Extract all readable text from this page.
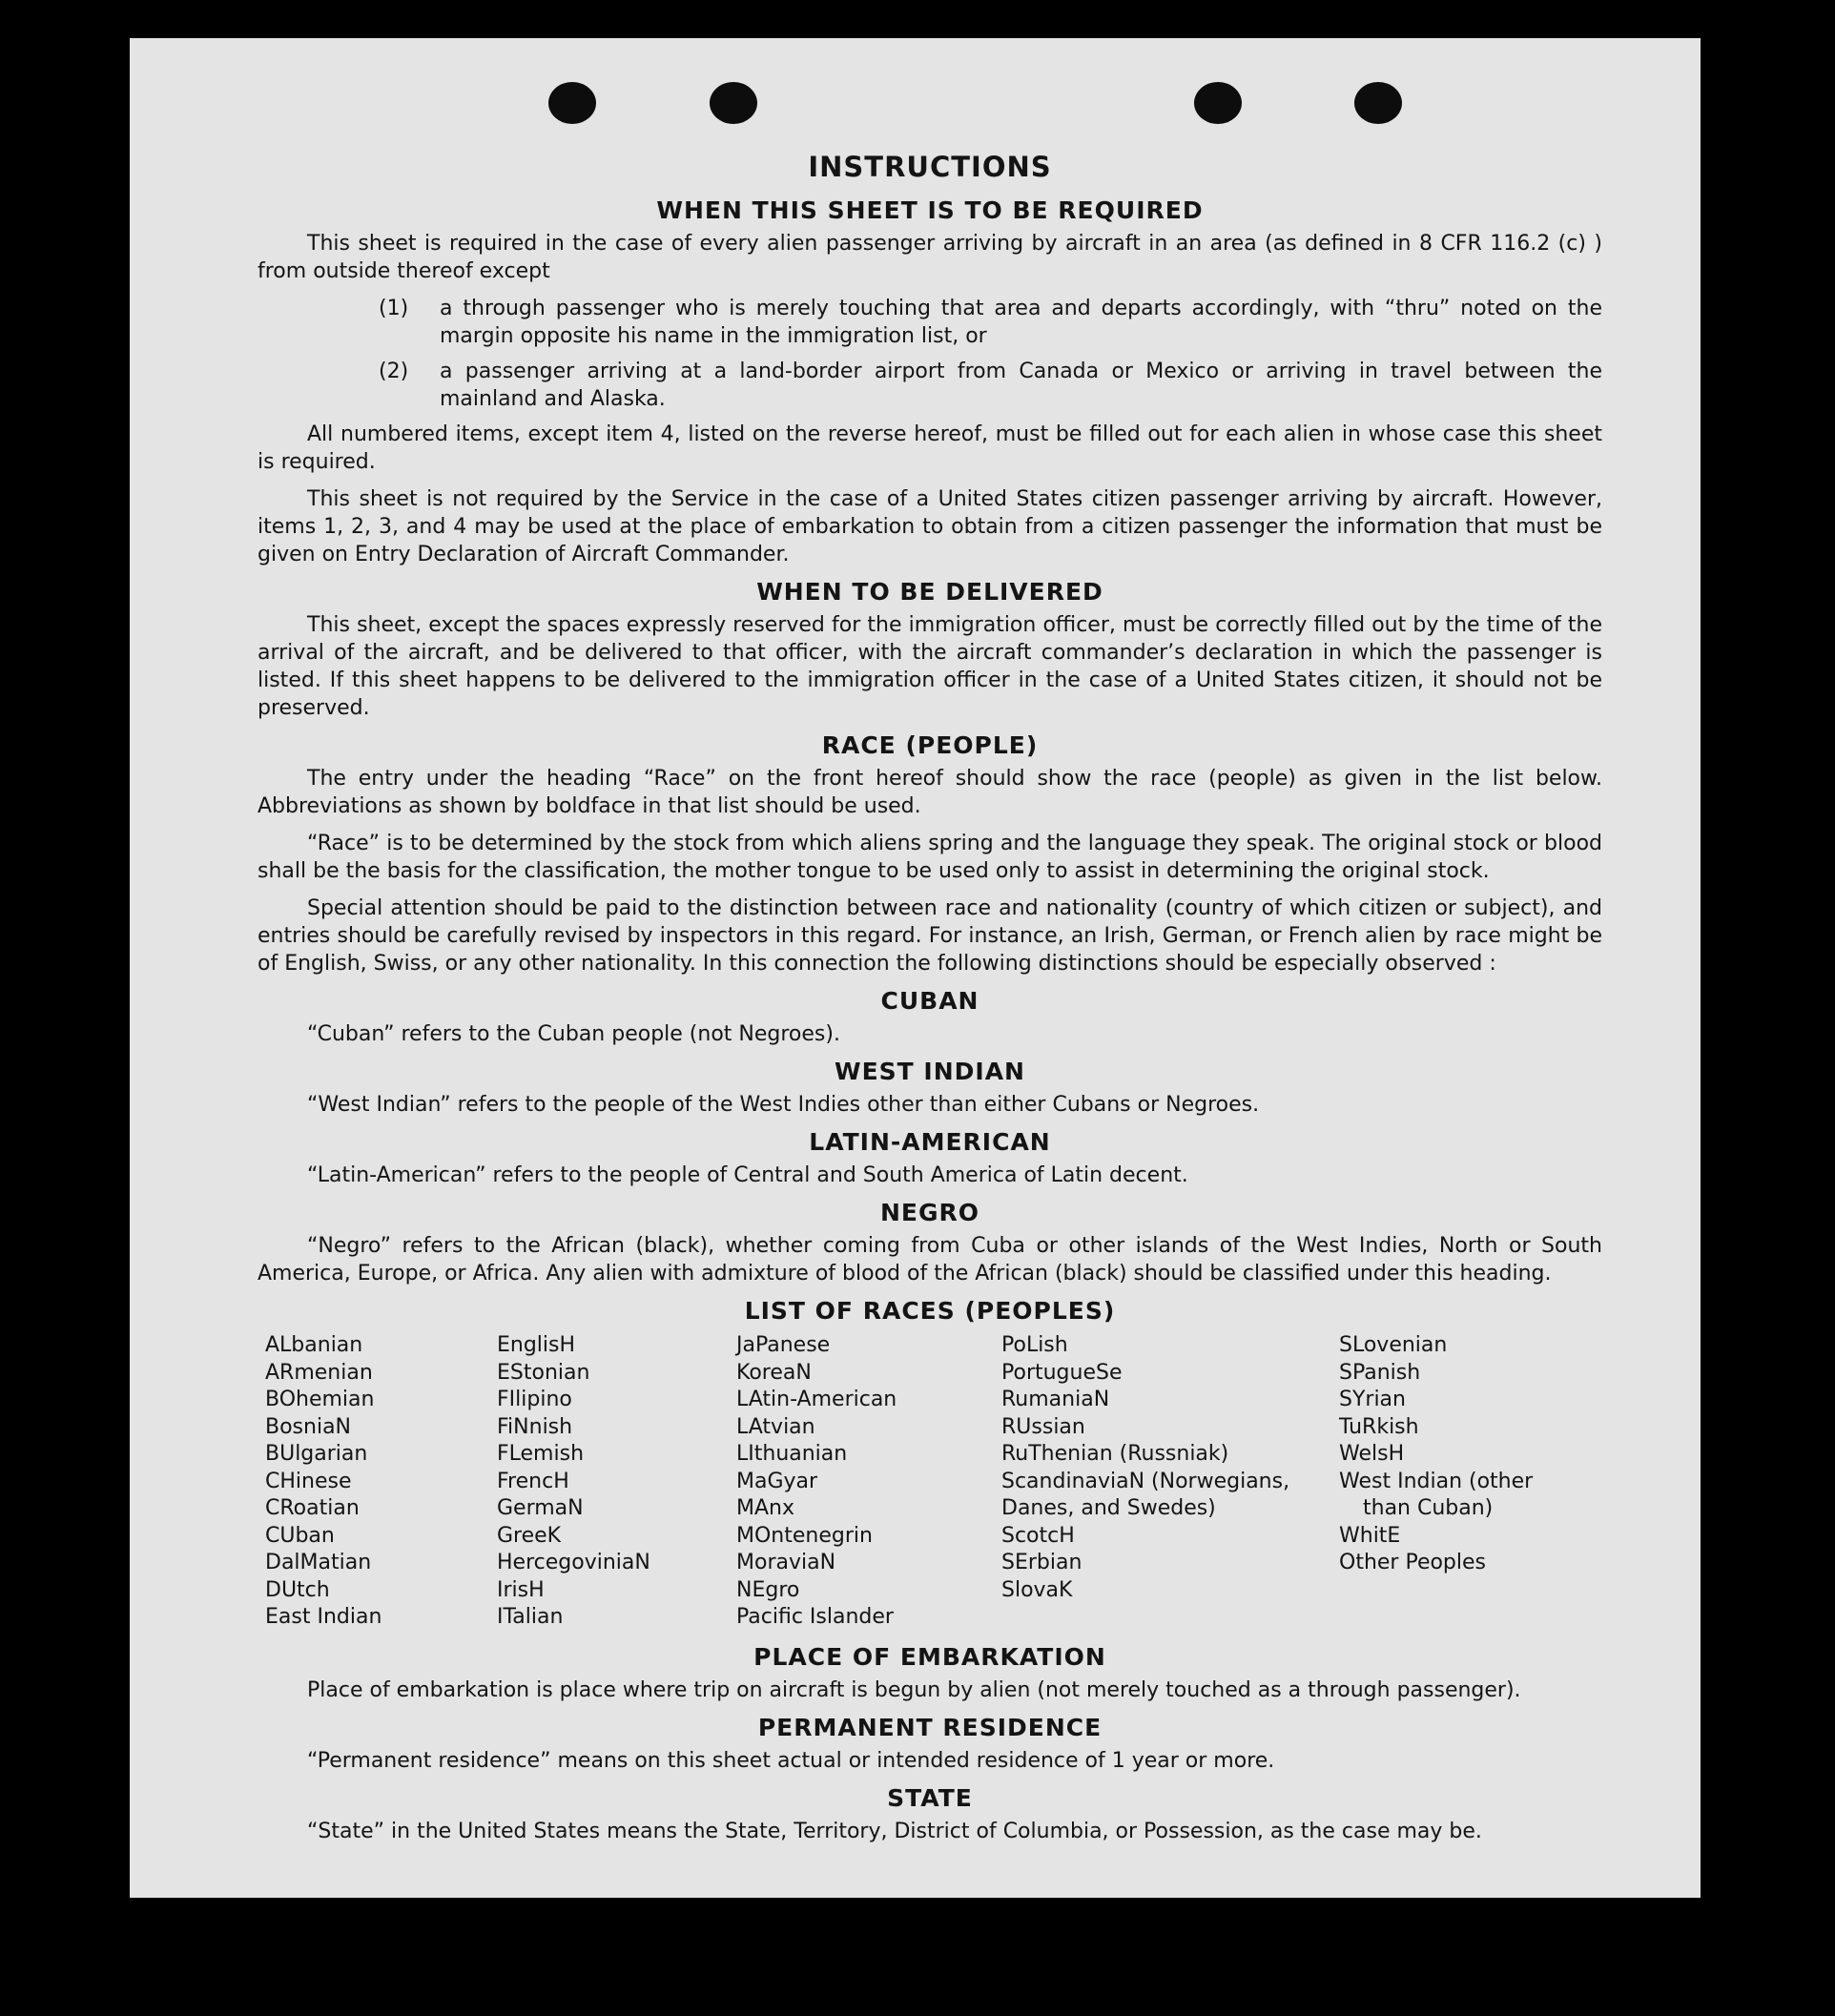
INSTRUCTIONS
WHEN THIS SHEET IS TO BE REQUIRED

This sheet is required in the case of every alien passenger arriving by aircraft in an area (as defined in 8 CFR 116.2 (c) ) from outside thereof except

(1)	a through passenger who is merely touching that area and departs accordingly, with “thru” noted on the margin opposite his name in the immigration list, or
(2)	a passenger arriving at a land-border airport from Canada or Mexico or arriving in travel between the mainland and Alaska.

All numbered items, except item 4, listed on the reverse hereof, must be filled out for each alien in whose case this sheet is required.

This sheet is not required by the Service in the case of a United States citizen passenger arriving by aircraft. However, items 1, 2, 3, and 4 may be used at the place of embarkation to obtain from a citizen passenger the information that must be given on Entry Declaration of Aircraft Commander.

WHEN TO BE DELIVERED

This sheet, except the spaces expressly reserved for the immigration officer, must be correctly filled out by the time of the arrival of the aircraft, and be delivered to that officer, with the aircraft commander’s declaration in which the passenger is listed. If this sheet happens to be delivered to the immigration officer in the case of a United States citizen, it should not be preserved.

RACE (PEOPLE)

The entry under the heading “Race” on the front hereof should show the race (people) as given in the list below. Abbreviations as shown by boldface in that list should be used.

“Race” is to be determined by the stock from which aliens spring and the language they speak. The original stock or blood shall be the basis for the classification, the mother tongue to be used only to assist in determining the original stock.

Special attention should be paid to the distinction between race and nationality (country of which citizen or subject), and entries should be carefully revised by inspectors in this regard. For instance, an Irish, German, or French alien by race might be of English, Swiss, or any other nationality. In this connection the following distinctions should be especially observed :

CUBAN

“Cuban” refers to the Cuban people (not Negroes).

WEST INDIAN

“West Indian” refers to the people of the West Indies other than either Cubans or Negroes.

LATIN-AMERICAN

“Latin-American” refers to the people of Central and South America of Latin decent.

NEGRO

“Negro” refers to the African (black), whether coming from Cuba or other islands of the West Indies, North or South America, Europe, or Africa. Any alien with admixture of blood of the African (black) should be classified under this heading.

LIST OF RACES (PEOPLES)
ALbanian
ARmenian
BOhemian
BosniaN
BUlgarian
CHinese
CRoatian
CUban
DalMatian
DUtch
East Indian
EnglisH
EStonian
FIlipino
FiNnish
FLemish
FrencH
GermaN
GreeK
HercegoviniaN
IrisH
ITalian
JaPanese
KoreaN
LAtin-American
LAtvian
LIthuanian
MaGyar
MAnx
MOntenegrin
MoraviaN
NEgro
Pacific Islander
PoLish
PortugueSe
RumaniaN
RUssian
RuThenian (Russniak)
ScandinaviaN (Norwegians, Danes, and Swedes)
ScotcH
SErbian
SlovaK
SLovenian
SPanish
SYrian
TuRkish
WelsH
West Indian (other
than Cuban)
WhitE
Other Peoples
PLACE OF EMBARKATION

Place of embarkation is place where trip on aircraft is begun by alien (not merely touched as a through passenger).

PERMANENT RESIDENCE

“Permanent residence” means on this sheet actual or intended residence of 1 year or more.

STATE

“State” in the United States means the State, Territory, District of Columbia, or Possession, as the case may be.
